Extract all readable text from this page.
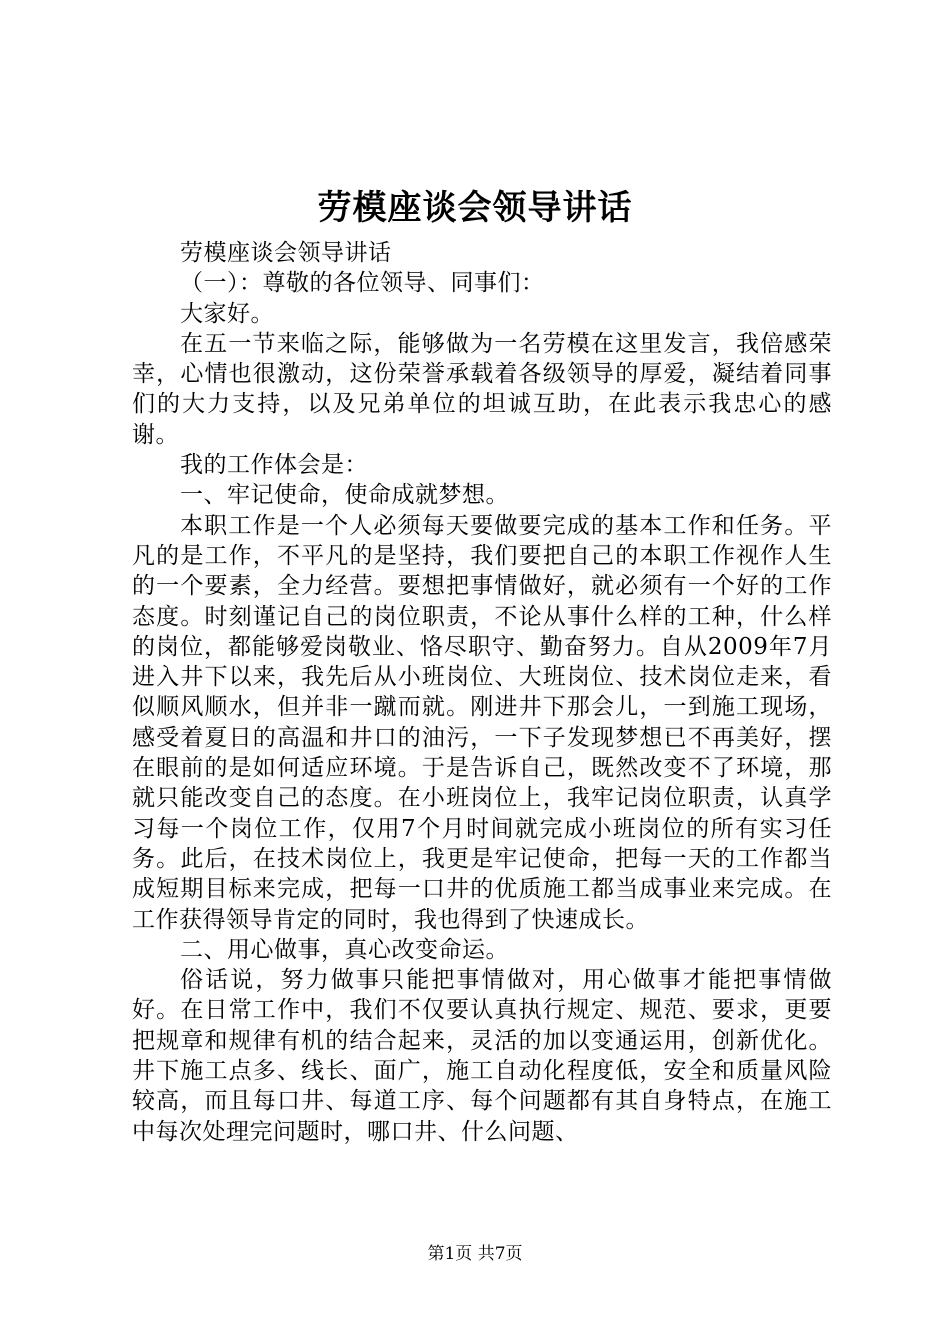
劳模座谈会领导讲话

劳模座谈会领导讲话

（一）：尊敬的各位领导、同事们：

大家好。

在五一节来临之际，能够做为一名劳模在这里发言，我倍感荣幸，心情也很激动，这份荣誉承载着各级领导的厚爱，凝结着同事们的大力支持，以及兄弟单位的坦诚互助，在此表示我忠心的感谢。

我的工作体会是：

一、牢记使命，使命成就梦想。

本职工作是一个人必须每天要做要完成的基本工作和任务。平凡的是工作，不平凡的是坚持，我们要把自己的本职工作视作人生的一个要素，全力经营。要想把事情做好，就必须有一个好的工作态度。时刻谨记自己的岗位职责，不论从事什么样的工种，什么样的岗位，都能够爱岗敬业、恪尽职守、勤奋努力。自从2009年7月进入井下以来，我先后从小班岗位、大班岗位、技术岗位走来，看似顺风顺水，但并非一蹴而就。刚进井下那会儿，一到施工现场，感受着夏日的高温和井口的油污，一下子发现梦想已不再美好，摆在眼前的是如何适应环境。于是告诉自己，既然改变不了环境，那就只能改变自己的态度。在小班岗位上，我牢记岗位职责，认真学习每一个岗位工作，仅用7个月时间就完成小班岗位的所有实习任务。此后，在技术岗位上，我更是牢记使命，把每一天的工作都当成短期目标来完成，把每一口井的优质施工都当成事业来完成。在工作获得领导肯定的同时，我也得到了快速成长。

二、用心做事，真心改变命运。

俗话说，努力做事只能把事情做对，用心做事才能把事情做好。在日常工作中，我们不仅要认真执行规定、规范、要求，更要把规章和规律有机的结合起来，灵活的加以变通运用，创新优化。井下施工点多、线长、面广，施工自动化程度低，安全和质量风险较高，而且每口井、每道工序、每个问题都有其自身特点，在施工中每次处理完问题时，哪口井、什么问题、

第1页 共7页
